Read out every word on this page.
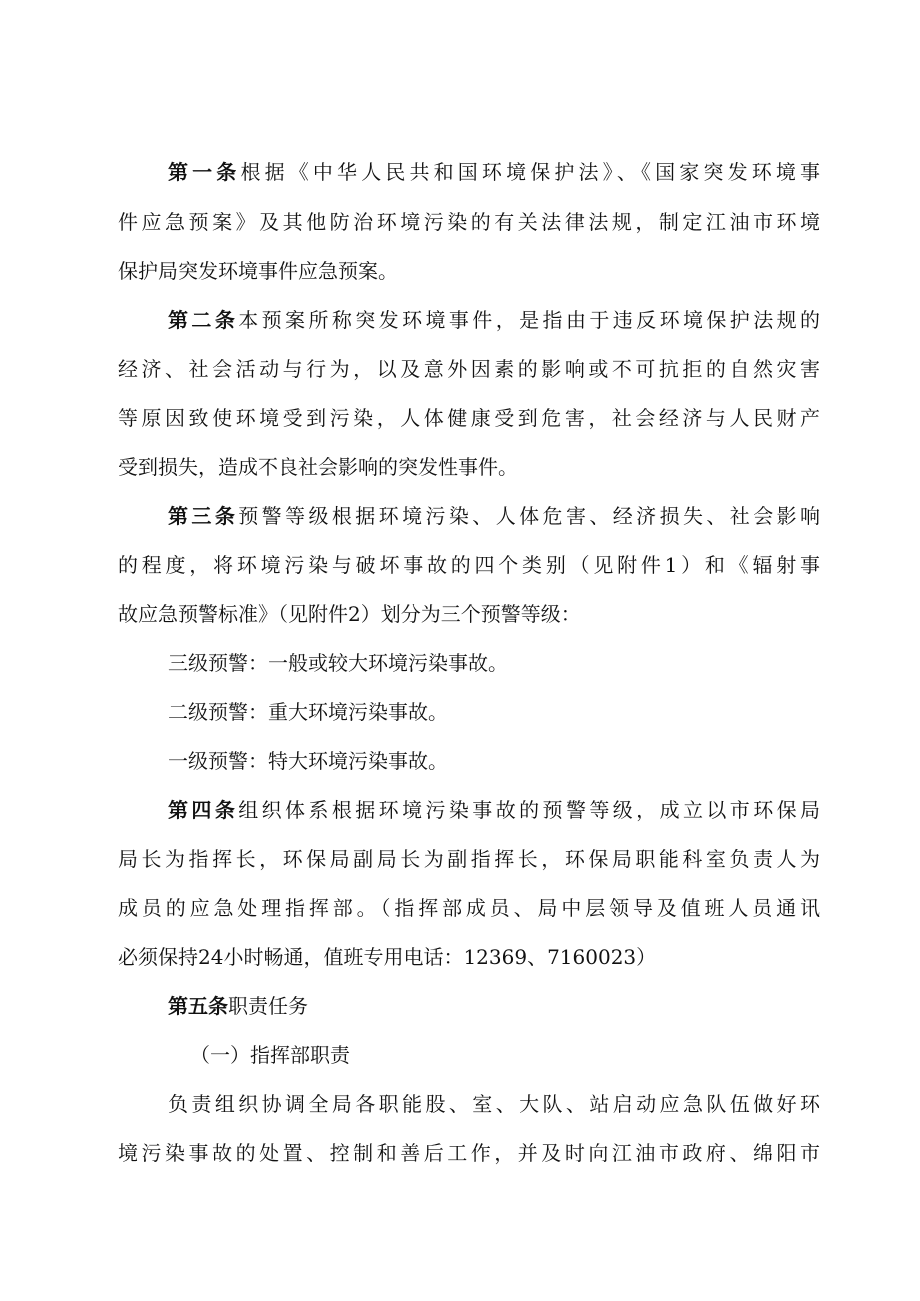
第一条根据《中华人民共和国环境保护法》、《国家突发环境事
件应急预案》及其他防治环境污染的有关法律法规，制定江油市环境
保护局突发环境事件应急预案。
第二条本预案所称突发环境事件，是指由于违反环境保护法规的
经济、社会活动与行为，以及意外因素的影响或不可抗拒的自然灾害
等原因致使环境受到污染，人体健康受到危害，社会经济与人民财产
受到损失，造成不良社会影响的突发性事件。
第三条预警等级根据环境污染、人体危害、经济损失、社会影响
的程度，将环境污染与破坏事故的四个类别（见附件1）和《辐射事
故应急预警标准》（见附件2）划分为三个预警等级：
三级预警：一般或较大环境污染事故。
二级预警：重大环境污染事故。
一级预警：特大环境污染事故。
第四条组织体系根据环境污染事故的预警等级，成立以市环保局
局长为指挥长，环保局副局长为副指挥长，环保局职能科室负责人为
成员的应急处理指挥部。（指挥部成员、局中层领导及值班人员通讯
必须保持24小时畅通，值班专用电话：12369、7160023）
第五条职责任务
（一）指挥部职责
负责组织协调全局各职能股、室、大队、站启动应急队伍做好环
境污染事故的处置、控制和善后工作，并及时向江油市政府、绵阳市
